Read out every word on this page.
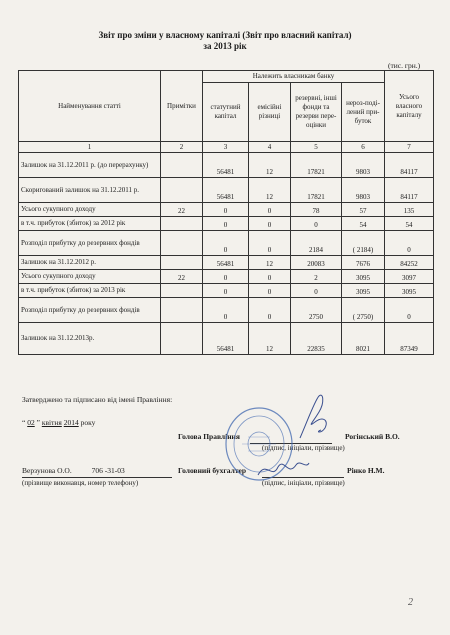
Звіт про зміни у власному капіталі (Звіт про власний капітал)
за 2013 рік
(тис. грн.)
Найменування статті	Примітки	Належить власникам банку				Усього власного капіталу
		статутний капітал	емісійні різниці	резервні, інші фонди та резерви пере-оцінки	нероз-поді-лений при-буток	
1	2	3	4	5	6	7
Залишок на 31.12.2011 р. (до перерахунку)		56481	12	17821	9803	84117
Скоригований залишок на 31.12.2011 р.		56481	12	17821	9803	84117
Усього сукупного доходу	22	0	0	78	57	135
в т.ч. прибуток (збиток) за 2012 рік		0	0	0	54	54
Розподіл прибутку до резервних фондів		0	0	2184	( 2184)	0
Залишок на 31.12.2012 р.		56481	12	20083	7676	84252
Усього сукупного доходу	22	0	0	2	3095	3097
в т.ч. прибуток (збиток) за 2013 рік		0	0	0	3095	3095
Розподіл прибутку до резервних фондів		0	0	2750	( 2750)	0
Залишок на 31.12.2013р.		56481	12	22835	8021	87349
Затверджено та підписано від імені Правління:
“ 02 ” квітня 2014 року
Голова Правління	Рогінський В.О.
(підпис, ініціали, прізвище)
Верзунова О.О.	706 -31-03
(прізвище виконавця, номер телефону)
Головний бухгалтер	Рінко Н.М.
(підпис, ініціали, прізвище)
2
